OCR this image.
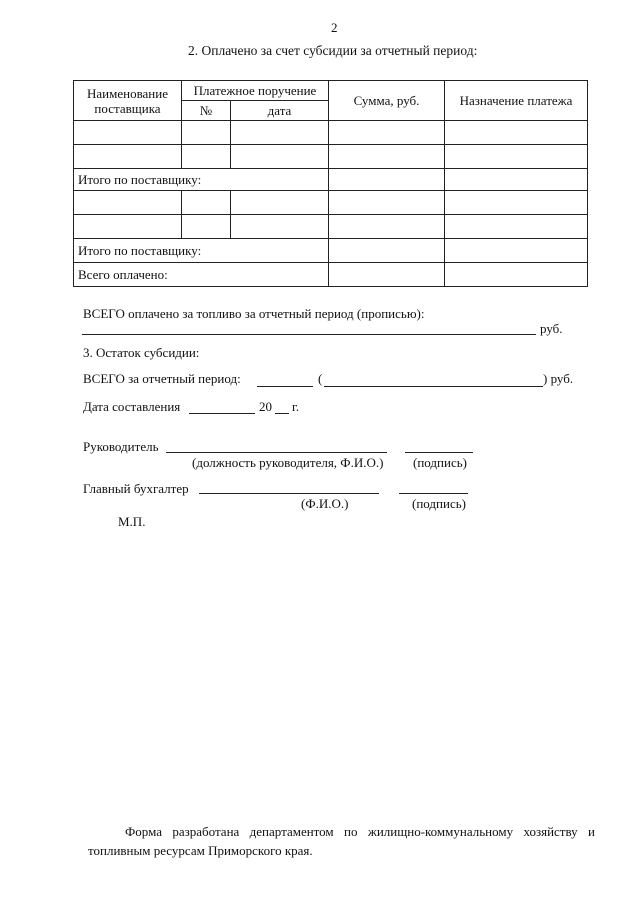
2
2. Оплачено за счет субсидии за отчетный период:
Наименование поставщика	Платежное поручение		Сумма, руб.	Назначение платежа
	№	дата		

Итого по поставщику:				

Итого по поставщику:				
Всего оплачено:				
ВСЕГО оплачено за топливо за отчетный период (прописью):
руб.
3. Остаток субсидии:
ВСЕГО за отчетный период:	(	) руб.
Дата составления	20 г.
Руководитель
(должность руководителя, Ф.И.О.) (подпись)
Главный бухгалтер
(Ф.И.О.)	(подпись)
М.П.
Форма разработана департаментом по жилищно-коммунальному хозяйству и
топливным ресурсам Приморского края.
